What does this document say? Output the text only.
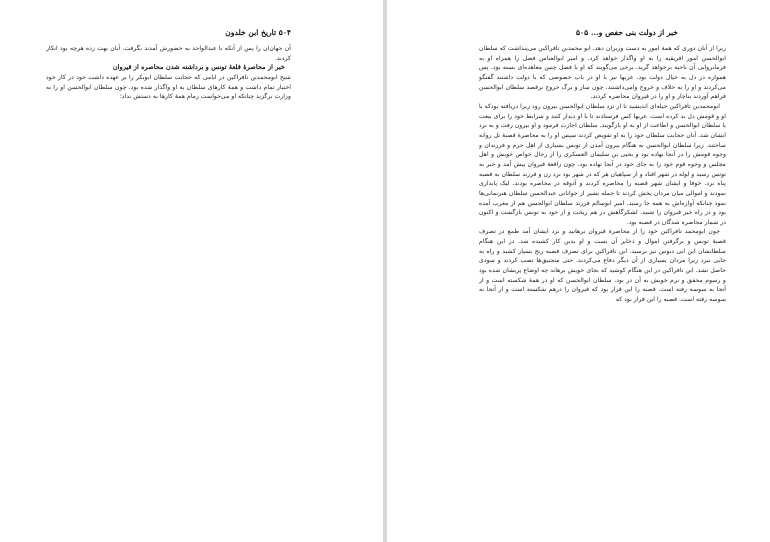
۵۰۴ تاریخ ابن خلدون

آن جهان‌ان را پس از آنکه با عبدالواحد به حضورش آمدند بگرفت. آنان بهت زده هرچه بود انکار کردند.

خبر از محاصرهٔ قلعهٔ تونس و برداشته شدن محاصره از قیروان

شیخ ابومحمدبن تافراکین در ایامی که حجابت سلطان ابوبکر را بر عهده داشت خود در کار خود اختیار تمام داشت و همهٔ کارهای سلطان به او واگذار شده بود. چون سلطان ابوالحسن او را به وزارت برگزید چنانکه او می‌خواست زمام همهٔ کارها به دستش نداد؛

خبر از دولت بنی حفص و... ۵۰۵

زیرا از آنان دوری که همهٔ امور به دست وزیران دهد. ابو محمدبن تافراکین می‌پنداشت که سلطان ابوالحسن امور افریقیه را به او واگذار خواهد کرد. و امیر ابوالعباس فضل را همراه او به فرمانروایی آن ناحیه برخواهد گزید. برخی می‌گویند که او با فضل چنین معاهده‌ای بسته بود. پس همواره در دل به خیال دولت بود. عربها نیز با او در باب خصوصی که با دولت داشتند گفتگو می‌کردند و او را به خلاف و خروج وامی‌داشتند. چون ساز و برگ خروج برقصد سلطان ابوالحسن فراهم آوردند بناچار و او را در قیروان محاصره کردند.

ابومحمدبن تافراکین حیله‌ای اندیشید تا از نزد سلطان ابوالحسن بیرون رود زیرا دریافته بودکه با او و قومش دل بد کرده است. عربها کس فرستادند تا با او دیدار کنند و شرایط خود را برای بیعت با سلطان ابوالحسن و اطاعت از او به او بازگویند. سلطان اجازت فرمود و او بیرون رفت و به نزد ایشان شد. آنان حجابت سلطان خود را به او تفویض کردند سپس او را به محاصرهٔ قصبهٔ تل روانه ساختند. زیرا سلطان ابوالحسن به هنگام بیرون آمدن از تونس بسیاری از اهل حرم و فرزندان و وجوه قومش را در آنجا نهاده بود و یحیی بن سلیمان العسکری را از رجال خواص خویش و اهل مجلس و وجوه قوم خود را به جای خود در آنجا نهاده بود. چون زاقعهٔ قیروان پیش آمد و خبر به تونس رسید و لوله در شهر افتاد و از سپاهیان هر که در شهر بود نزد زن و فرزند سلطان به قصبه پناه برد. خوفا و ایشان شهر قصبه را محاصره کردند و آذوقه در محاصره بودند. لیک پایداری نمودند و اموالی میان مردان پخش کردند تا جمله بشیر از جوانانی عبدالحسن سلطان هنرنمایی‌ها نمود چنانکه آوازه‌اش به همه جا رسید. امیر ابوسالم فرزند سلطان ابوالحسن هم از مغرب آمده بود و در راه خیر قیروان را شنید. لشکرگاهش در هم ریخت و از خود به تونس بازگشت و اکنون در شمار محاصره شدگان در قصبه بود.

چون ابومحمد تافراکین خود را از محاصرهٔ قیروان برهانید و نزد ایشان آمد طمع در تصرف قصبهٔ تونس و برگرفتن اموال و ذخایر آن بست و او بدین کار کشیده شد. در این هنگام سلطانشان ابن ابی دبوس نیز برسید. ابن تافراکین برای تصرف قصبه رنج بسیار کشید و راه به جایی نبرد زیرا مردان بسیاری از آن دیگر دفاع می‌کردند. حتی منجنیق‌ها نصب کردند و سودی حاصل نشد. ابن تافراکین در این هنگام کوشید که بجای خویش برهاند چه اوضاع پریشان شده بود و رسوم محقق و نرم خویش به آن در بود. سلطان ابوالحسن که او در همهٔ شکسته است و از آنجا به سوسه رفته است. قصبه را این قرار بود که قیروان را درهم شکسته است و از آنجا به سوسه رفته است. قصبه را این قرار بود که
